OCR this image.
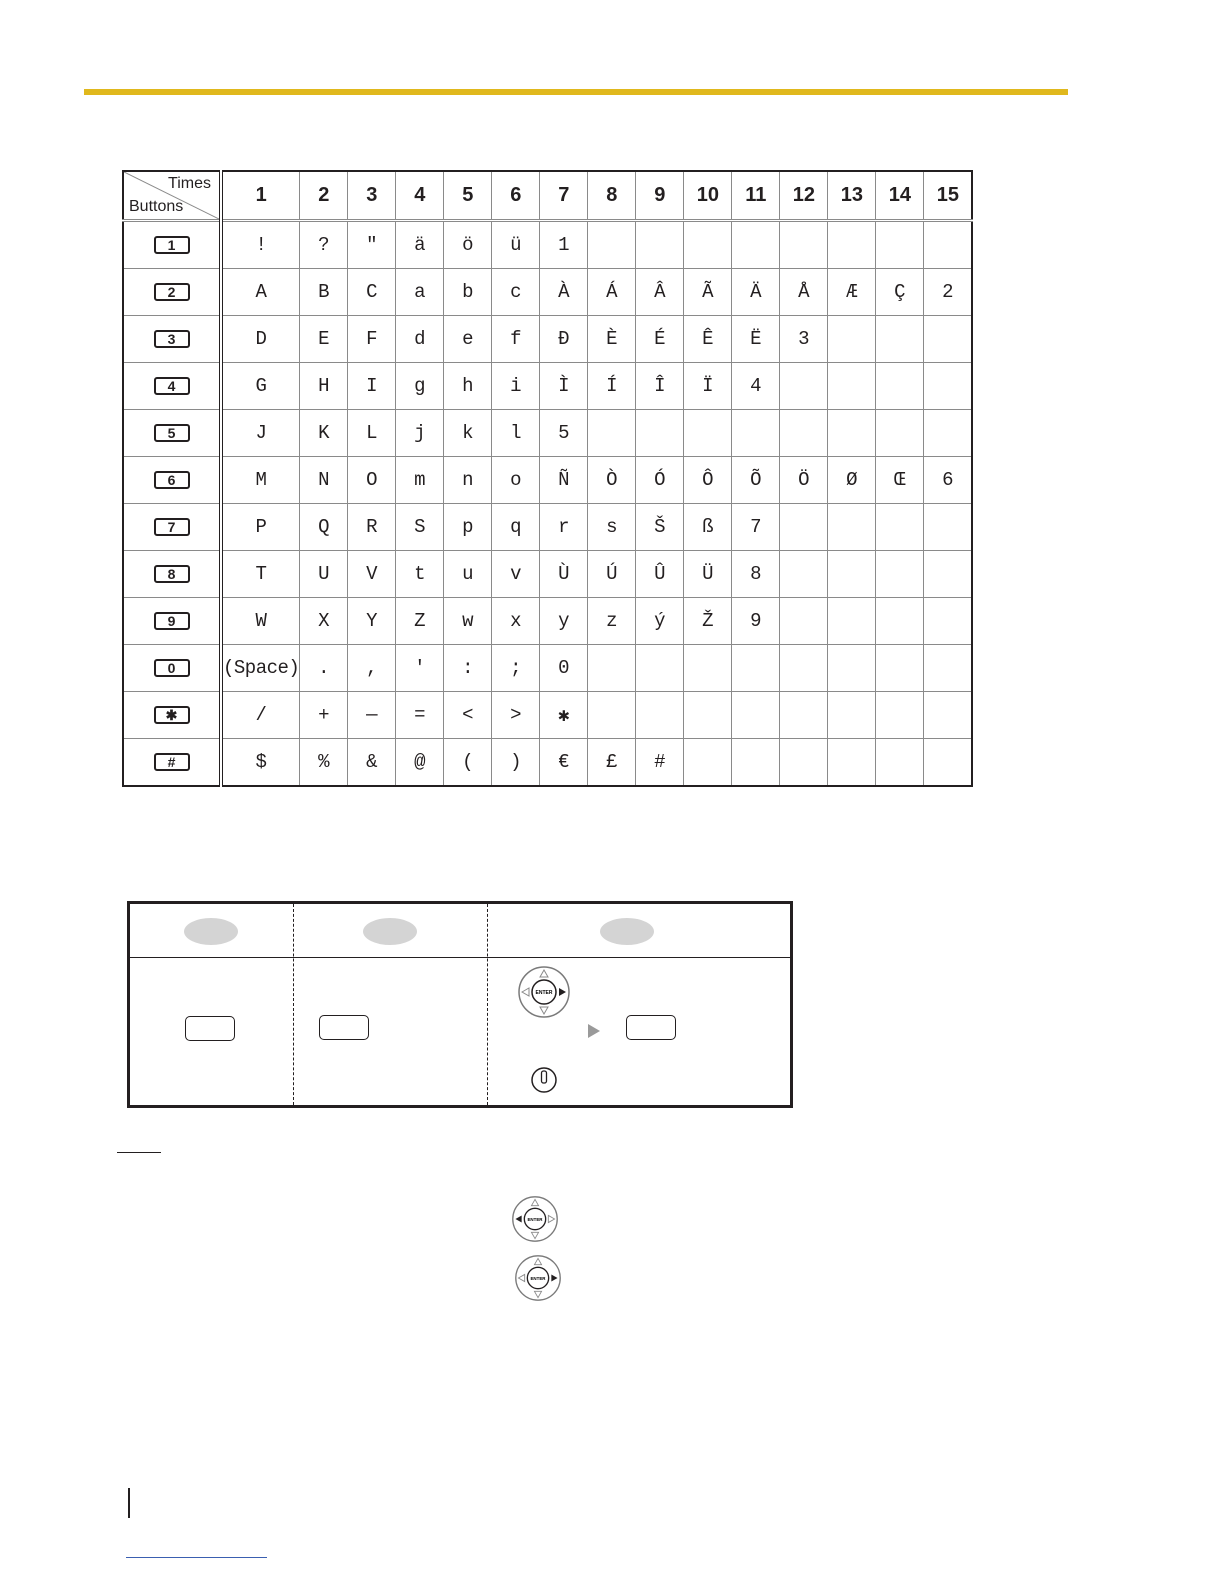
Times
Buttons	1	2	3	4	5	6	7	8	9	10	11	12	13	14	15
1	!	?	"	ä	ö	ü	1								
2	A	B	C	a	b	c	À	Á	Â	Ã	Ä	Å	Æ	Ç	2
3	D	E	F	d	e	f	Đ	È	É	Ê	Ë	3			
4	G	H	I	g	h	i	Ì	Í	Î	Ï	4				
5	J	K	L	j	k	l	5								
6	M	N	O	m	n	o	Ñ	Ò	Ó	Ô	Õ	Ö	Ø	Œ	6
7	P	Q	R	S	p	q	r	s	Š	ß	7				
8	T	U	V	t	u	v	Ù	Ú	Û	Ü	8				
9	W	X	Y	Z	w	x	y	z	ý	Ž	9				
0	(Space)	.	,	'	:	;	0								
✱	/	+	—	=	<	>	✱								
#	$	%	&	@	(	)	€	£	#						
ENTER
ENTER
ENTER
